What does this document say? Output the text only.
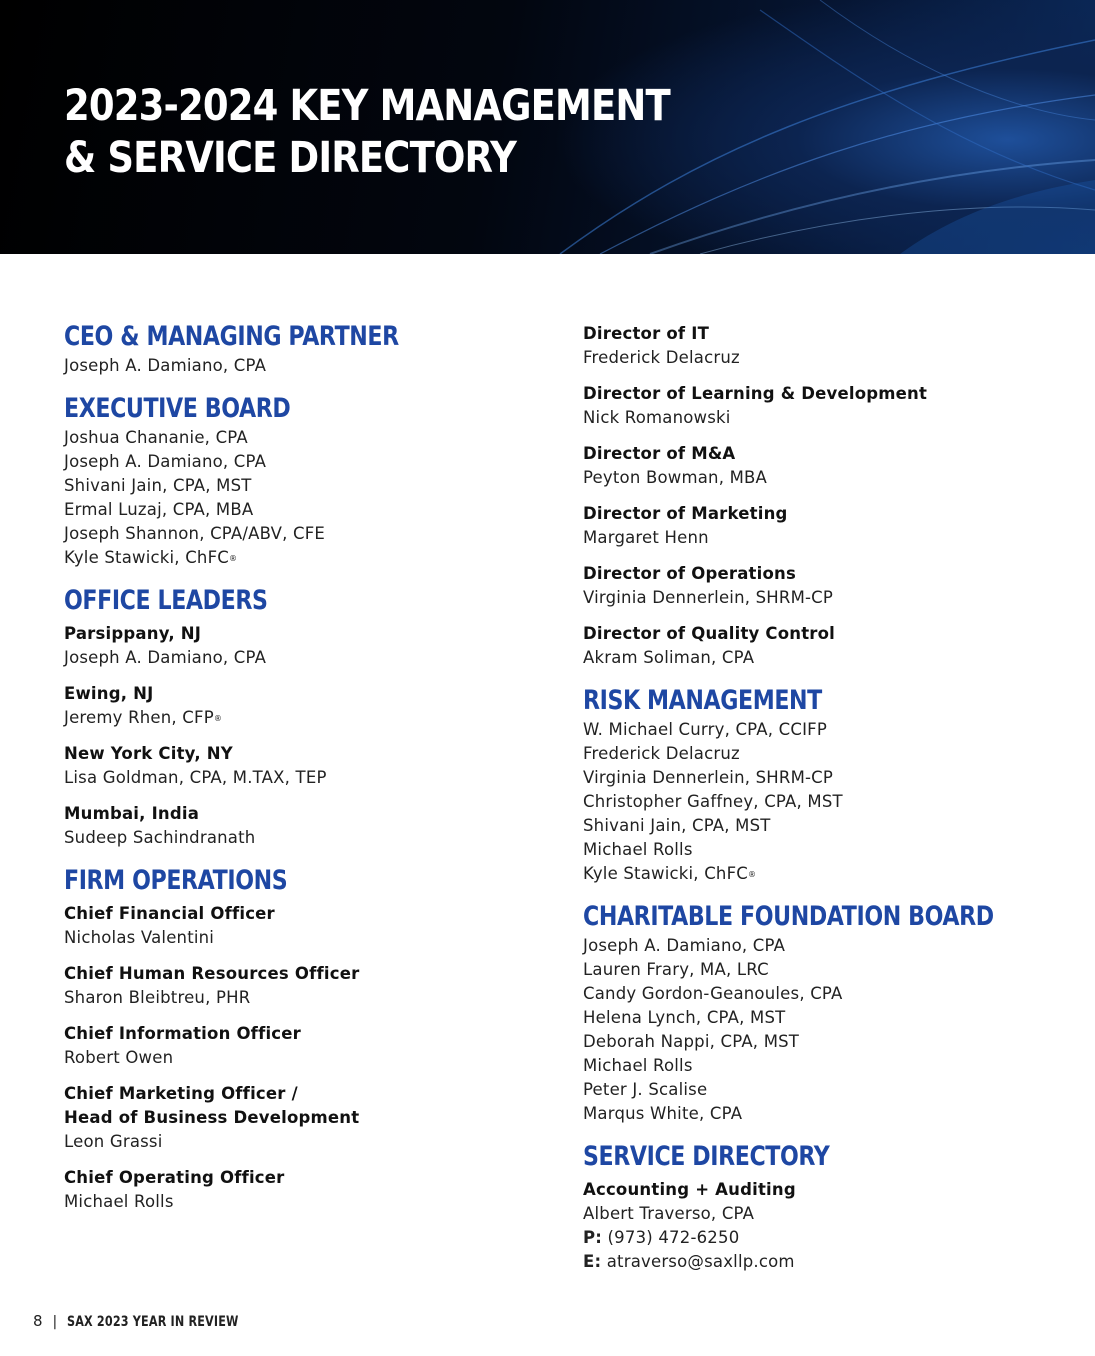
2023-2024 KEY MANAGEMENT
& SERVICE DIRECTORY
CEO & MANAGING PARTNER
Joseph A. Damiano, CPA
EXECUTIVE BOARD
Joshua Chananie, CPA
Joseph A. Damiano, CPA
Shivani Jain, CPA, MST
Ermal Luzaj, CPA, MBA
Joseph Shannon, CPA/ABV, CFE
Kyle Stawicki, ChFC®
OFFICE LEADERS
Parsippany, NJ
Joseph A. Damiano, CPA
Ewing, NJ
Jeremy Rhen, CFP®
New York City, NY
Lisa Goldman, CPA, M.TAX, TEP
Mumbai, India
Sudeep Sachindranath
FIRM OPERATIONS
Chief Financial Officer
Nicholas Valentini
Chief Human Resources Officer
Sharon Bleibtreu, PHR
Chief Information Officer
Robert Owen
Chief Marketing Officer /
Head of Business Development
Leon Grassi
Chief Operating Officer
Michael Rolls
Director of IT
Frederick Delacruz
Director of Learning & Development
Nick Romanowski
Director of M&A
Peyton Bowman, MBA
Director of Marketing
Margaret Henn
Director of Operations
Virginia Dennerlein, SHRM-CP
Director of Quality Control
Akram Soliman, CPA
RISK MANAGEMENT
W. Michael Curry, CPA, CCIFP
Frederick Delacruz
Virginia Dennerlein, SHRM-CP
Christopher Gaffney, CPA, MST
Shivani Jain, CPA, MST
Michael Rolls
Kyle Stawicki, ChFC®
CHARITABLE FOUNDATION BOARD
Joseph A. Damiano, CPA
Lauren Frary, MA, LRC
Candy Gordon-Geanoules, CPA
Helena Lynch, CPA, MST
Deborah Nappi, CPA, MST
Michael Rolls
Peter J. Scalise
Marqus White, CPA
SERVICE DIRECTORY
Accounting + Auditing
Albert Traverso, CPA
P: (973) 472-6250
E: atraverso@saxllp.com
8 | SAX 2023 YEAR IN REVIEW
